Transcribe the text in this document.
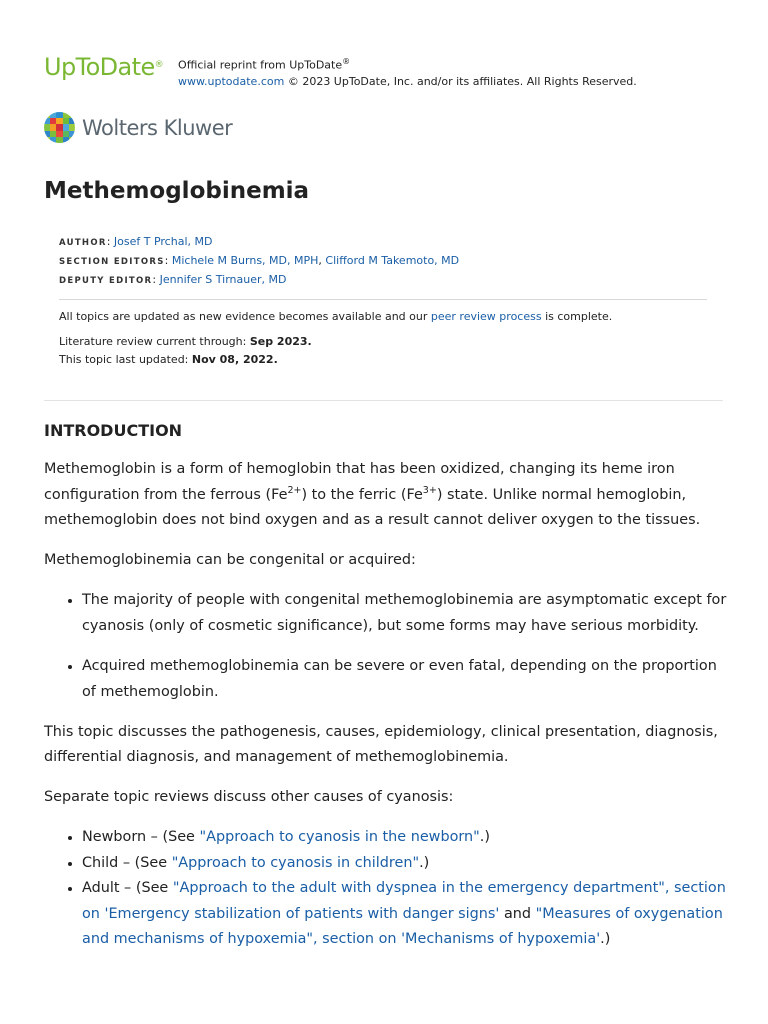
UpToDate® Official reprint from UpToDate®
www.uptodate.com © 2023 UpToDate, Inc. and/or its affiliates. All Rights Reserved.
Wolters Kluwer
Methemoglobinemia
AUTHOR: Josef T Prchal, MD
SECTION EDITORS: Michele M Burns, MD, MPH, Clifford M Takemoto, MD
DEPUTY EDITOR: Jennifer S Tirnauer, MD

All topics are updated as new evidence becomes available and our peer review process is complete.

Literature review current through: Sep 2023.

This topic last updated: Nov 08, 2022.

INTRODUCTION

Methemoglobin is a form of hemoglobin that has been oxidized, changing its heme iron configuration from the ferrous $(Fe^{2+})$ to the ferric $(Fe^{3+})$ state. Unlike normal hemoglobin, methemoglobin does not bind oxygen and as a result cannot deliver oxygen to the tissues.

Methemoglobinemia can be congenital or acquired:

• The majority of people with congenital methemoglobinemia are asymptomatic except for cyanosis (only of cosmetic significance), but some forms may have serious morbidity.
• Acquired methemoglobinemia can be severe or even fatal, depending on the proportion of methemoglobin.

This topic discusses the pathogenesis, causes, epidemiology, clinical presentation, diagnosis, differential diagnosis, and management of methemoglobinemia.

Separate topic reviews discuss other causes of cyanosis:

• Newborn – (See "Approach to cyanosis in the newborn".)
• Child – (See "Approach to cyanosis in children".)
• Adult – (See "Approach to the adult with dyspnea in the emergency department", section on 'Emergency stabilization of patients with danger signs' and "Measures of oxygenation and mechanisms of hypoxemia", section on 'Mechanisms of hypoxemia'.)
